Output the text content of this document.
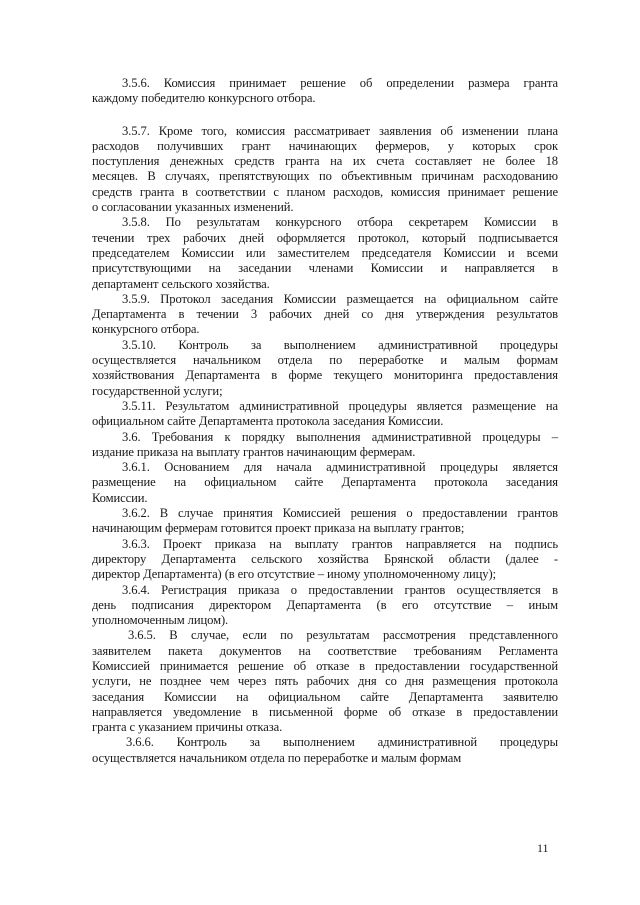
3.5.6. Комиссия принимает решение об определении размера гранта
каждому победителю конкурсного отбора.
3.5.7. Кроме того, комиссия рассматривает заявления об изменении плана
расходов получивших грант начинающих фермеров, у которых срок
поступления денежных средств гранта на их счета составляет не более 18
месяцев. В случаях, препятствующих по объективным причинам расходованию
средств гранта в соответствии с планом расходов, комиссия принимает решение
о согласовании указанных изменений.
3.5.8. По результатам конкурсного отбора секретарем Комиссии в
течении трех рабочих дней оформляется протокол, который подписывается
председателем Комиссии или заместителем председателя Комиссии и всеми
присутствующими на заседании членами Комиссии и направляется в
департамент сельского хозяйства.
3.5.9. Протокол заседания Комиссии размещается на официальном сайте
Департамента в течении 3 рабочих дней со дня утверждения результатов
конкурсного отбора.
3.5.10. Контроль за выполнением административной процедуры
осуществляется начальником отдела по переработке и малым формам
хозяйствования Департамента в форме текущего мониторинга предоставления
государственной услуги;
3.5.11. Результатом административной процедуры является размещение на
официальном сайте Департамента протокола заседания Комиссии.
3.6. Требования к порядку выполнения административной процедуры –
издание приказа на выплату грантов начинающим фермерам.
3.6.1. Основанием для начала административной процедуры является
размещение на официальном сайте Департамента протокола заседания
Комиссии.
3.6.2. В случае принятия Комиссией решения о предоставлении грантов
начинающим фермерам готовится проект приказа на выплату грантов;
3.6.3. Проект приказа на выплату грантов направляется на подпись
директору Департамента сельского хозяйства Брянской области (далее -
директор Департамента) (в его отсутствие – иному уполномоченному лицу);
3.6.4. Регистрация приказа о предоставлении грантов осуществляется в
день подписания директором Департамента (в его отсутствие – иным
уполномоченным лицом).
3.6.5. В случае, если по результатам рассмотрения представленного
заявителем пакета документов на соответствие требованиям Регламента
Комиссией принимается решение об отказе в предоставлении государственной
услуги, не позднее чем через пять рабочих дня со дня размещения протокола
заседания Комиссии на официальном сайте Департамента заявителю
направляется уведомление в письменной форме об отказе в предоставлении
гранта с указанием причины отказа.
3.6.6. Контроль за выполнением административной процедуры
осуществляется начальником отдела по переработке и малым формам
11
